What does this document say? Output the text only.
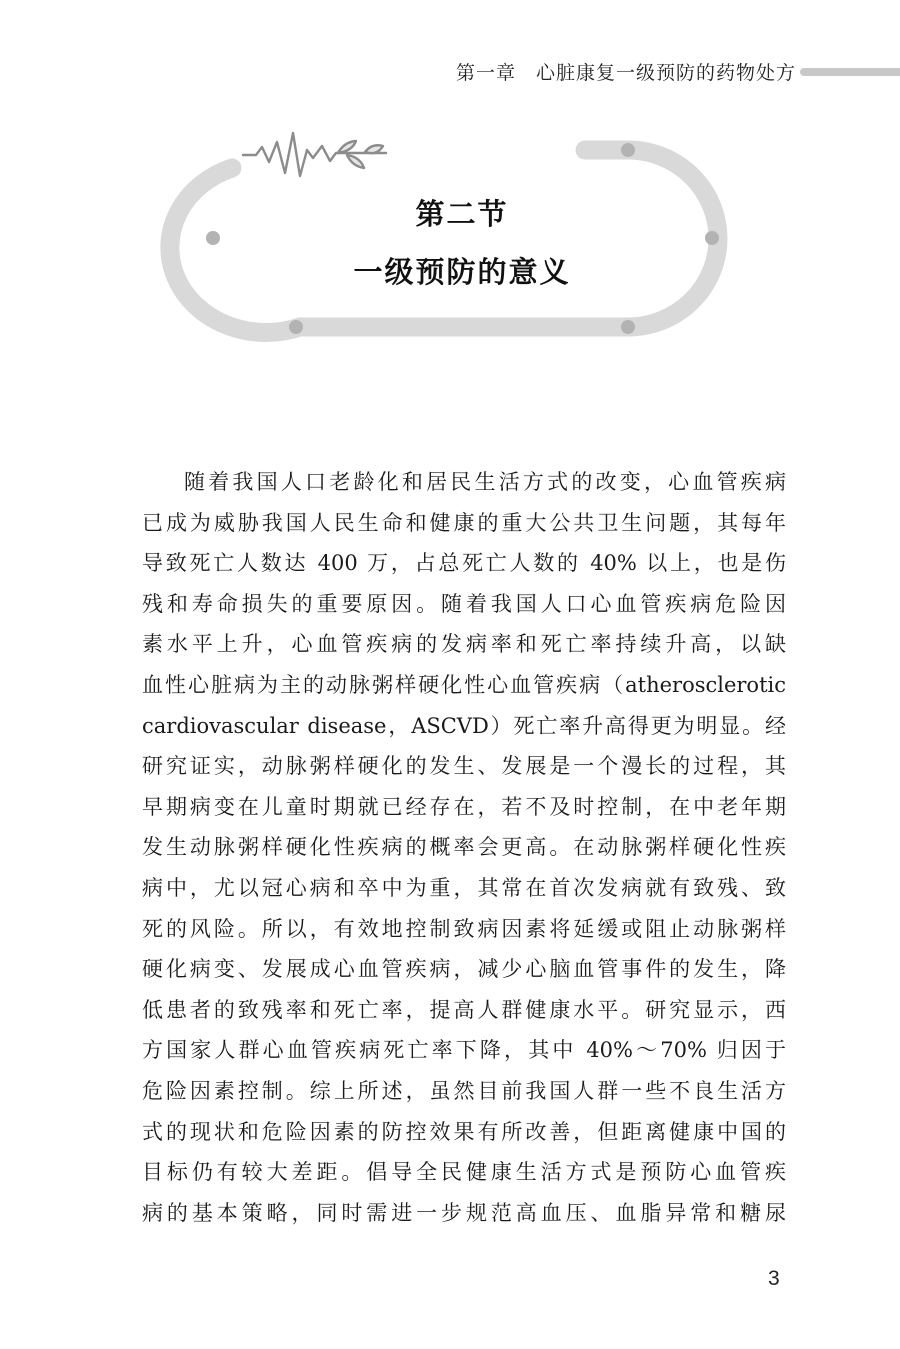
第一章　心脏康复一级预防的药物处方
第二节
一级预防的意义
随着我国人口老龄化和居民生活方式的改变，心血管疾病
已成为威胁我国人民生命和健康的重大公共卫生问题，其每年
导致死亡人数达 400 万，占总死亡人数的 40% 以上，也是伤
残和寿命损失的重要原因。随着我国人口心血管疾病危险因
素水平上升，心血管疾病的发病率和死亡率持续升高，以缺
血性心脏病为主的动脉粥样硬化性心血管疾病（atherosclerotic
cardiovascular disease，ASCVD）死亡率升高得更为明显。经
研究证实，动脉粥样硬化的发生、发展是一个漫长的过程，其
早期病变在儿童时期就已经存在，若不及时控制，在中老年期
发生动脉粥样硬化性疾病的概率会更高。在动脉粥样硬化性疾
病中，尤以冠心病和卒中为重，其常在首次发病就有致残、致
死的风险。所以，有效地控制致病因素将延缓或阻止动脉粥样
硬化病变、发展成心血管疾病，减少心脑血管事件的发生，降
低患者的致残率和死亡率，提高人群健康水平。研究显示，西
方国家人群心血管疾病死亡率下降，其中 40%～70% 归因于
危险因素控制。综上所述，虽然目前我国人群一些不良生活方
式的现状和危险因素的防控效果有所改善，但距离健康中国的
目标仍有较大差距。倡导全民健康生活方式是预防心血管疾
病的基本策略，同时需进一步规范高血压、血脂异常和糖尿
3
